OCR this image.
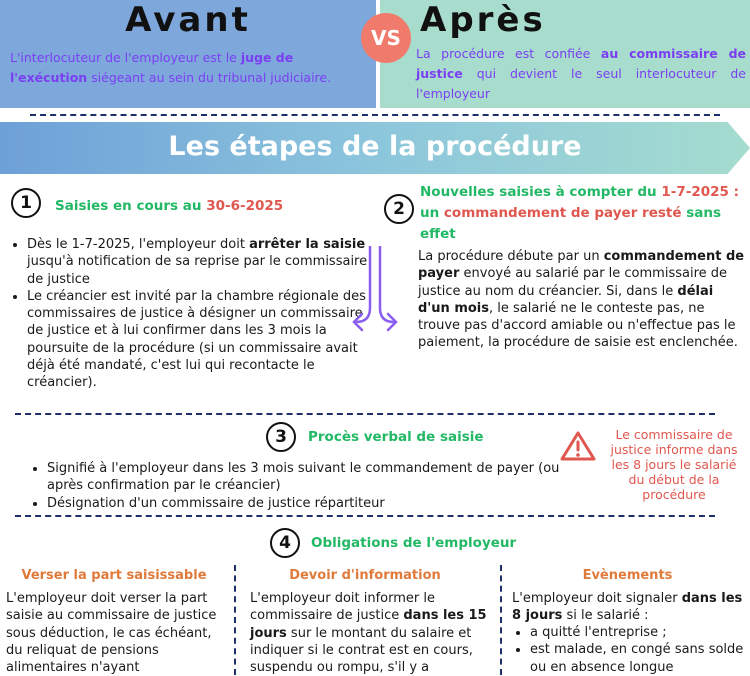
Avant	Après
VS
L'interlocuteur de l'employeur est le juge de l'exécution siégeant au sein du tribunal judiciaire.
La procédure est confiée au commissaire de justice qui devient le seul interlocuteur de l'employeur
Les étapes de la procédure
1	Saisies en cours au 30-6-2025
• Dès le 1-7-2025, l'employeur doit arrêter la saisie jusqu'à notification de sa reprise par le commissaire de justice
• Le créancier est invité par la chambre régionale des commissaires de justice à désigner un commissaire de justice et à lui confirmer dans les 3 mois la poursuite de la procédure (si un commissaire avait déjà été mandaté, c'est lui qui recontacte le créancier).
2
Nouvelles saisies à compter du 1-7-2025 : un commandement de payer resté sans effet
La procédure débute par un commandement de payer envoyé au salarié par le commissaire de justice au nom du créancier. Si, dans le délai d'un mois, le salarié ne le conteste pas, ne trouve pas d'accord amiable ou n'effectue pas le paiement, la procédure de saisie est enclenchée.
3	Procès verbal de saisie
• Signifié à l'employeur dans les 3 mois suivant le commandement de payer (ou après confirmation par le créancier)
• Désignation d'un commissaire de justice répartiteur
Le commissaire de justice informe dans les 8 jours le salarié du début de la procédure
4	Obligations de l'employeur
Verser la part saisissable
L'employeur doit verser la part saisie au commissaire de justice sous déduction, le cas échéant, du reliquat de pensions alimentaires n'ayant
Devoir d'information
L'employeur doit informer le commissaire de justice dans les 15 jours sur le montant du salaire et indiquer si le contrat est en cours, suspendu ou rompu, s'il y a
Evènements
L'employeur doit signaler dans les 8 jours si le salarié :
• a quitté l'entreprise ;
• est malade, en congé sans solde ou en absence longue
